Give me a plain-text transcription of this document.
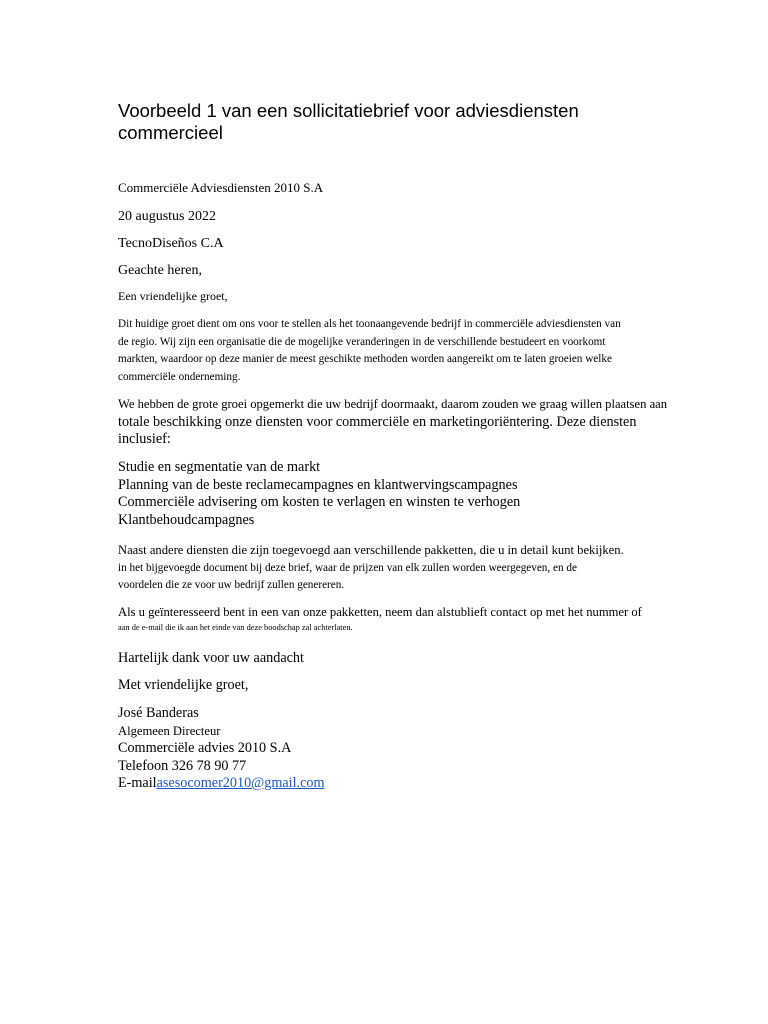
Voorbeeld 1 van een sollicitatiebrief voor adviesdiensten commercieel

Commerciële Adviesdiensten 2010 S.A

20 augustus 2022

TecnoDiseños C.A

Geachte heren,

Een vriendelijke groet,

Dit huidige groet dient om ons voor te stellen als het toonaangevende bedrijf in commerciële adviesdiensten van
de regio. Wij zijn een organisatie die de mogelijke veranderingen in de verschillende bestudeert en voorkomt
markten, waardoor op deze manier de meest geschikte methoden worden aangereikt om te laten groeien welke
commerciële onderneming.
We hebben de grote groei opgemerkt die uw bedrijf doormaakt, daarom zouden we graag willen plaatsen aan
totale beschikking onze diensten voor commerciële en marketingoriëntering. Deze diensten
inclusief:
Studie en segmentatie van de markt
Planning van de beste reclamecampagnes en klantwervingscampagnes
Commerciële advisering om kosten te verlagen en winsten te verhogen
Klantbehoudcampagnes
Naast andere diensten die zijn toegevoegd aan verschillende pakketten, die u in detail kunt bekijken.
in het bijgevoegde document bij deze brief, waar de prijzen van elk zullen worden weergegeven, en de
voordelen die ze voor uw bedrijf zullen genereren.
Als u geïnteresseerd bent in een van onze pakketten, neem dan alstublieft contact op met het nummer of
aan de e-mail die ik aan het einde van deze boodschap zal achterlaten.

Hartelijk dank voor uw aandacht

Met vriendelijke groet,

José Banderas
Algemeen Directeur
Commerciële advies 2010 S.A
Telefoon 326 78 90 77
E-mailasesocomer2010@gmail.com
